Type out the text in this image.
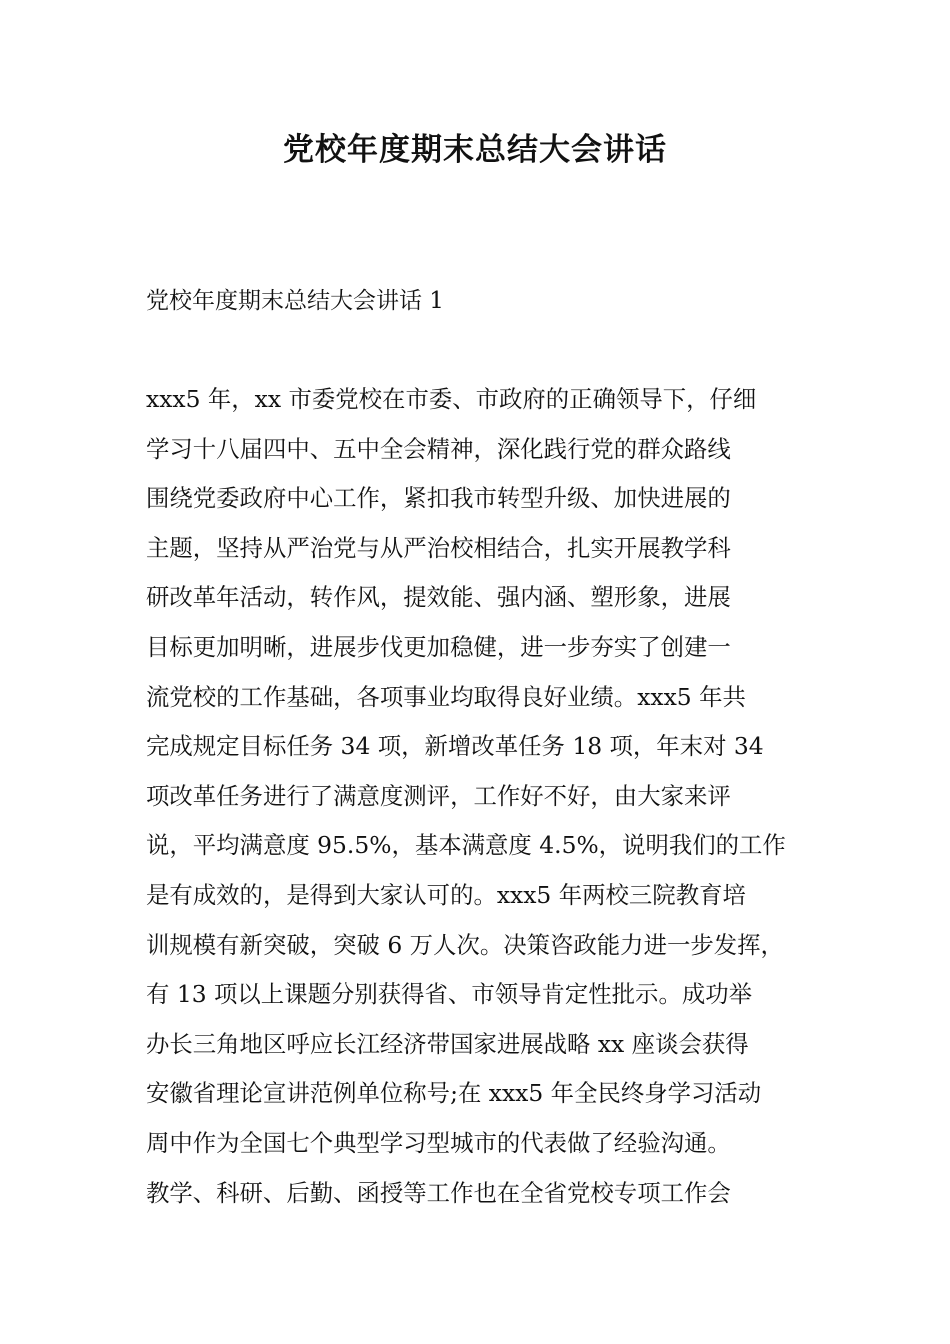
党校年度期末总结大会讲话
党校年度期末总结大会讲话 1
xxx5 年，xx 市委党校在市委、市政府的正确领导下，仔细
学习十八届四中、五中全会精神，深化践行党的群众路线
围绕党委政府中心工作，紧扣我市转型升级、加快进展的
主题，坚持从严治党与从严治校相结合，扎实开展教学科
研改革年活动，转作风，提效能、强内涵、塑形象，进展
目标更加明晰，进展步伐更加稳健，进一步夯实了创建一
流党校的工作基础，各项事业均取得良好业绩。xxx5 年共
完成规定目标任务 34 项，新增改革任务 18 项，年末对 34
项改革任务进行了满意度测评，工作好不好，由大家来评
说，平均满意度 95.5%，基本满意度 4.5%，说明我们的工作
是有成效的，是得到大家认可的。xxx5 年两校三院教育培
训规模有新突破，突破 6 万人次。决策咨政能力进一步发挥，
有 13 项以上课题分别获得省、市领导肯定性批示。成功举
办长三角地区呼应长江经济带国家进展战略 xx 座谈会获得
安徽省理论宣讲范例单位称号;在 xxx5 年全民终身学习活动
周中作为全国七个典型学习型城市的代表做了经验沟通。
教学、科研、后勤、函授等工作也在全省党校专项工作会
